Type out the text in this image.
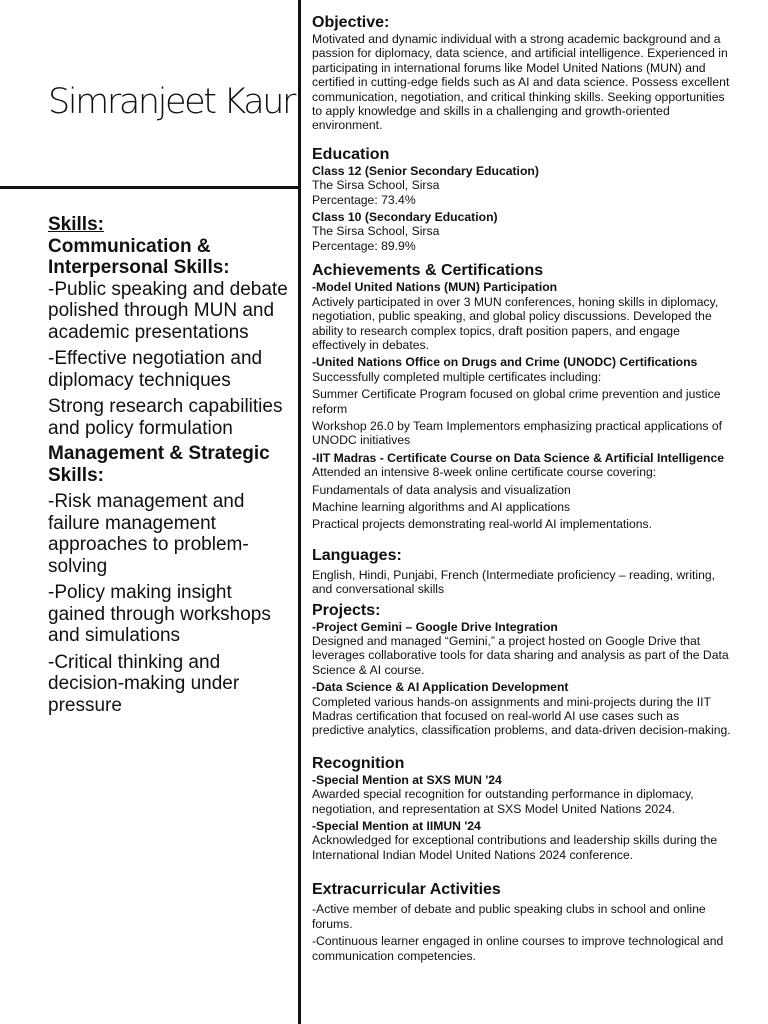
Simranjeet Kaur

Skills:

Communication & Interpersonal Skills:

-Public speaking and debate polished through MUN and academic presentations

-Effective negotiation and diplomacy techniques

Strong research capabilities and policy formulation

Management & Strategic Skills:

-Risk management and failure management approaches to problem-solving

-Policy making insight gained through workshops and simulations

-Critical thinking and decision-making under pressure

Objective:

Motivated and dynamic individual with a strong academic background and a passion for diplomacy, data science, and artificial intelligence. Experienced in participating in international forums like Model United Nations (MUN) and certified in cutting-edge fields such as AI and data science. Possess excellent communication, negotiation, and critical thinking skills. Seeking opportunities to apply knowledge and skills in a challenging and growth-oriented environment.

Education

Class 12 (Senior Secondary Education)

The Sirsa School, Sirsa

Percentage: 73.4%

Class 10 (Secondary Education)

The Sirsa School, Sirsa

Percentage: 89.9%

Achievements & Certifications

-Model United Nations (MUN) Participation

Actively participated in over 3 MUN conferences, honing skills in diplomacy, negotiation, public speaking, and global policy discussions. Developed the ability to research complex topics, draft position papers, and engage effectively in debates.

-United Nations Office on Drugs and Crime (UNODC) Certifications

Successfully completed multiple certificates including:

Summer Certificate Program focused on global crime prevention and justice reform

Workshop 26.0 by Team Implementors emphasizing practical applications of UNODC initiatives

-IIT Madras - Certificate Course on Data Science & Artificial Intelligence

Attended an intensive 8-week online certificate course covering:

Fundamentals of data analysis and visualization

Machine learning algorithms and AI applications

Practical projects demonstrating real-world AI implementations.

Languages:

English, Hindi, Punjabi, French (Intermediate proficiency – reading, writing, and conversational skills

Projects:

-Project Gemini – Google Drive Integration

Designed and managed “Gemini,” a project hosted on Google Drive that leverages collaborative tools for data sharing and analysis as part of the Data Science & AI course.

-Data Science & AI Application Development

Completed various hands-on assignments and mini-projects during the IIT Madras certification that focused on real-world AI use cases such as predictive analytics, classification problems, and data-driven decision-making.

Recognition

-Special Mention at SXS MUN '24

Awarded special recognition for outstanding performance in diplomacy, negotiation, and representation at SXS Model United Nations 2024.

-Special Mention at IIMUN '24

Acknowledged for exceptional contributions and leadership skills during the International Indian Model United Nations 2024 conference.

Extracurricular Activities

-Active member of debate and public speaking clubs in school and online forums.

-Continuous learner engaged in online courses to improve technological and communication competencies.
